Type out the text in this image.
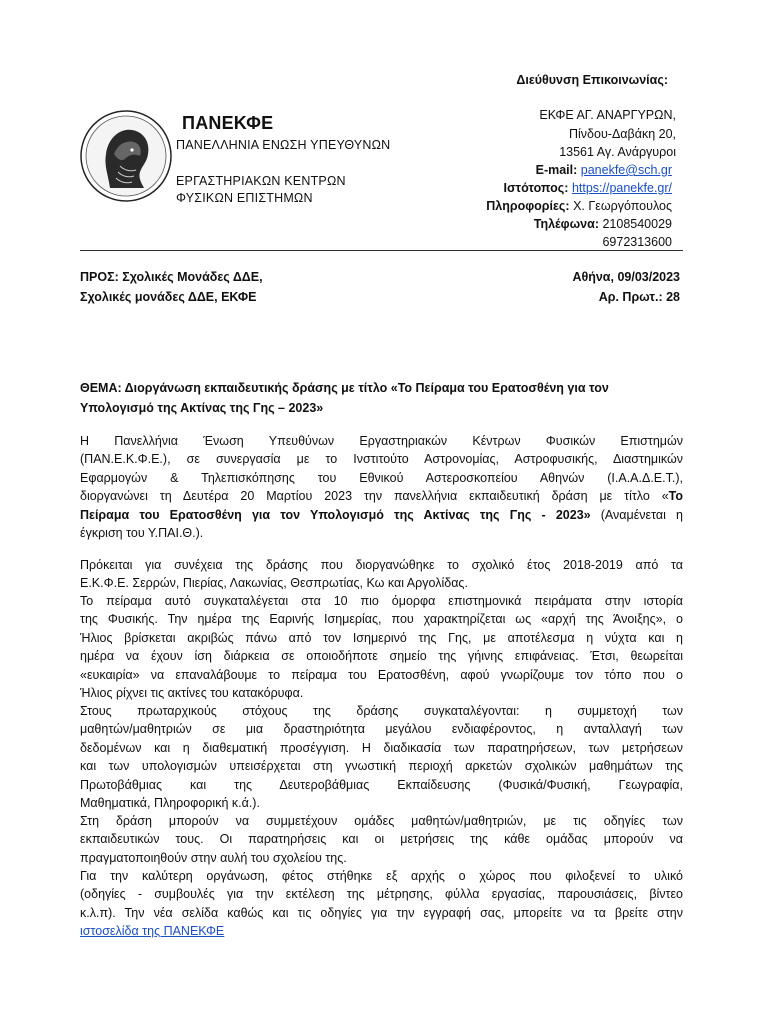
ΠΑΝΕΚΦΕ
ΠΑΝΕΛΛΗΝΙΑ ΕΝΩΣΗ ΥΠΕΥΘΥΝΩΝ
ΕΡΓΑΣΤΗΡΙΑΚΩΝ ΚΕΝΤΡΩΝ
ΦΥΣΙΚΩΝ ΕΠΙΣΤΗΜΩΝ
Διεύθυνση Επικοινωνίας:
ΕΚΦΕ ΑΓ. ΑΝΑΡΓΥΡΩΝ,
Πίνδου-Δαβάκη 20,
13561 Αγ. Ανάργυροι
E-mail: panekfe@sch.gr
Ιστότοπος: https://panekfe.gr/
Πληροφορίες: Χ. Γεωργόπουλος
Τηλέφωνα: 2108540029
6972313600
ΠΡΟΣ: Σχολικές Μονάδες ΔΔΕ,
Σχολικές μονάδες ΔΔΕ, ΕΚΦΕ
Αθήνα, 09/03/2023
Αρ. Πρωτ.: 28
ΘΕΜΑ: Διοργάνωση εκπαιδευτικής δράσης με τίτλο «Το Πείραμα του Ερατοσθένη για τον Υπολογισμό της Ακτίνας της Γης – 2023»
Η Πανελλήνια Ένωση Υπευθύνων Εργαστηριακών Κέντρων Φυσικών Επιστημών
(ΠΑΝ.Ε.Κ.Φ.Ε.), σε συνεργασία με το Ινστιτούτο Αστρονομίας, Αστροφυσικής, Διαστημικών
Εφαρμογών & Τηλεπισκόπησης του Εθνικού Αστεροσκοπείου Αθηνών (Ι.Α.Α.Δ.Ε.Τ.),
διοργανώνει τη Δευτέρα 20 Μαρτίου 2023 την πανελλήνια εκπαιδευτική δράση με τίτλο «Το
Πείραμα του Ερατοσθένη για τον Υπολογισμό της Ακτίνας της Γης - 2023» (Αναμένεται η
έγκριση του Υ.ΠΑΙ.Θ.).
Πρόκειται για συνέχεια της δράσης που διοργανώθηκε το σχολικό έτος 2018-2019 από τα
Ε.Κ.Φ.Ε. Σερρών, Πιερίας, Λακωνίας, Θεσπρωτίας, Κω και Αργολίδας.
Το πείραμα αυτό συγκαταλέγεται στα 10 πιο όμορφα επιστημονικά πειράματα στην ιστορία
της Φυσικής. Την ημέρα της Εαρινής Ισημερίας, που χαρακτηρίζεται ως «αρχή της Άνοιξης», ο
Ήλιος βρίσκεται ακριβώς πάνω από τον Ισημερινό της Γης, με αποτέλεσμα η νύχτα και η
ημέρα να έχουν ίση διάρκεια σε οποιοδήποτε σημείο της γήινης επιφάνειας. Έτσι, θεωρείται
«ευκαιρία» να επαναλάβουμε το πείραμα του Ερατοσθένη, αφού γνωρίζουμε τον τόπο που ο
Ήλιος ρίχνει τις ακτίνες του κατακόρυφα.
Στους πρωταρχικούς στόχους της δράσης συγκαταλέγονται: η συμμετοχή των
μαθητών/μαθητριών σε μια δραστηριότητα μεγάλου ενδιαφέροντος, η ανταλλαγή των
δεδομένων και η διαθεματική προσέγγιση. Η διαδικασία των παρατηρήσεων, των μετρήσεων
και των υπολογισμών υπεισέρχεται στη γνωστική περιοχή αρκετών σχολικών μαθημάτων της
Πρωτοβάθμιας και της Δευτεροβάθμιας Εκπαίδευσης (Φυσικά/Φυσική, Γεωγραφία,
Μαθηματικά, Πληροφορική κ.ά.).
Στη δράση μπορούν να συμμετέχουν ομάδες μαθητών/μαθητριών, με τις οδηγίες των
εκπαιδευτικών τους. Οι παρατηρήσεις και οι μετρήσεις της κάθε ομάδας μπορούν να
πραγματοποιηθούν στην αυλή του σχολείου της.
Για την καλύτερη οργάνωση, φέτος στήθηκε εξ αρχής ο χώρος που φιλοξενεί το υλικό
(οδηγίες - συμβουλές για την εκτέλεση της μέτρησης, φύλλα εργασίας, παρουσιάσεις, βίντεο
κ.λ.π). Την νέα σελίδα καθώς και τις οδηγίες για την εγγραφή σας, μπορείτε να τα βρείτε στην
ιστοσελίδα της ΠΑΝΕΚΦΕ
